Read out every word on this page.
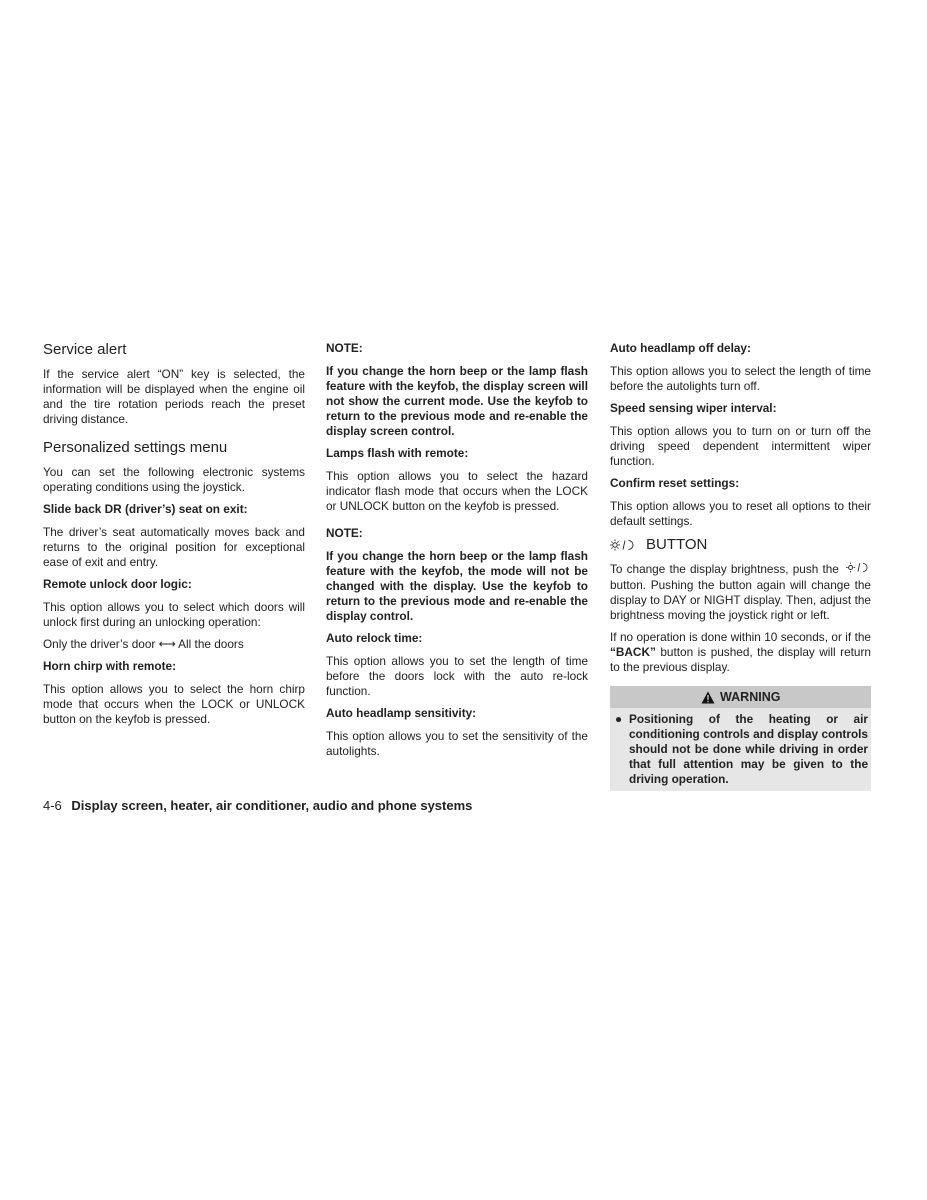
Service alert
If the service alert “ON” key is selected, the information will be displayed when the engine oil and the tire rotation periods reach the preset driving distance.
Personalized settings menu
You can set the following electronic systems operating conditions using the joystick.
Slide back DR (driver’s) seat on exit:
The driver’s seat automatically moves back and returns to the original position for exceptional ease of exit and entry.
Remote unlock door logic:
This option allows you to select which doors will unlock first during an unlocking operation:
Only the driver’s door ⟷ All the doors
Horn chirp with remote:
This option allows you to select the horn chirp mode that occurs when the LOCK or UNLOCK button on the keyfob is pressed.
NOTE:
If you change the horn beep or the lamp flash feature with the keyfob, the display screen will not show the current mode. Use the keyfob to return to the previous mode and re-enable the display screen control.
Lamps flash with remote:
This option allows you to select the hazard indicator flash mode that occurs when the LOCK or UNLOCK button on the keyfob is pressed.
NOTE:
If you change the horn beep or the lamp flash feature with the keyfob, the mode will not be changed with the display. Use the keyfob to return to the previous mode and re-enable the display control.
Auto relock time:
This option allows you to set the length of time before the doors lock with the auto re-lock function.
Auto headlamp sensitivity:
This option allows you to set the sensitivity of the autolights.
Auto headlamp off delay:
This option allows you to select the length of time before the autolights turn off.
Speed sensing wiper interval:
This option allows you to turn on or turn off the driving speed dependent intermittent wiper function.
Confirm reset settings:
This option allows you to reset all options to their default settings.
BUTTON
To change the display brightness, push the  button. Pushing the button again will change the display to DAY or NIGHT display. Then, adjust the brightness moving the joystick right or left.
If no operation is done within 10 seconds, or if the “BACK” button is pushed, the display will return to the previous display.
WARNING
● Positioning of the heating or air conditioning controls and display controls should not be done while driving in order that full attention may be given to the driving operation.
4-6 Display screen, heater, air conditioner, audio and phone systems
